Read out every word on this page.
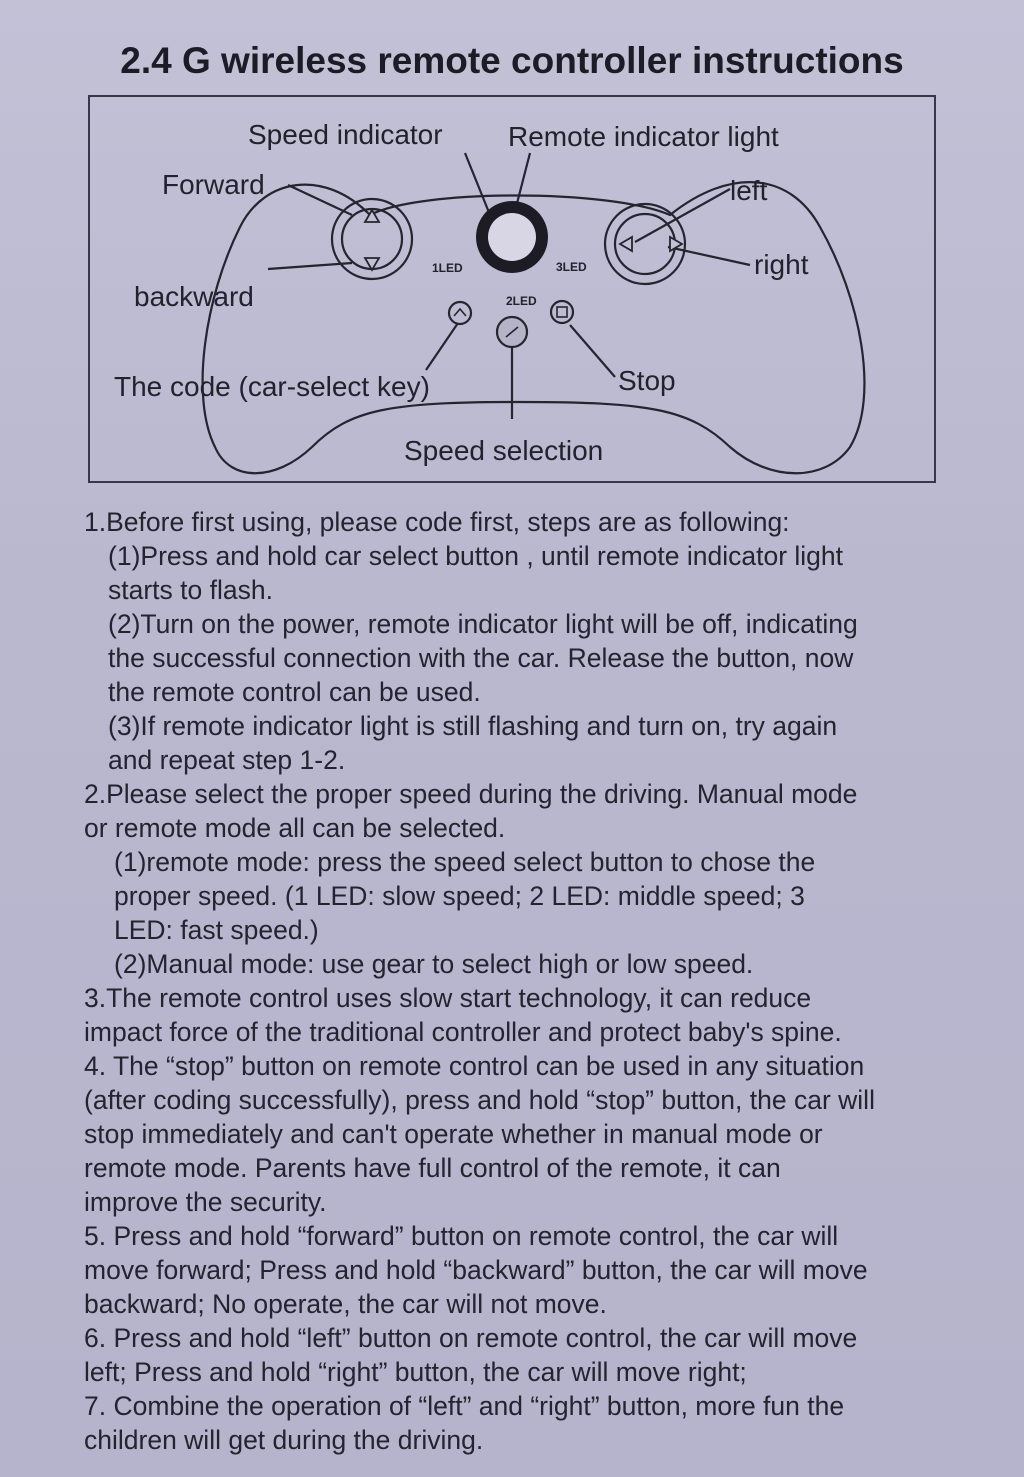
2.4 G wireless remote controller instructions
Speed indicator Remote indicator light
Forward	left
right
backward
The code (car-select key)	Stop
Speed selection
1LED
2LED
3LED
1.Before first using, please code first, steps are as following:
(1)Press and hold car select button , until remote indicator light
starts to flash.
(2)Turn on the power, remote indicator light will be off, indicating
the successful connection with the car. Release the button, now
the remote control can be used.
(3)If remote indicator light is still flashing and turn on, try again
and repeat step 1-2.
2.Please select the proper speed during the driving. Manual mode
or remote mode all can be selected.
(1)remote mode: press the speed select button to chose the
proper speed. (1 LED: slow speed; 2 LED: middle speed; 3
LED: fast speed.)
(2)Manual mode: use gear to select high or low speed.
3.The remote control uses slow start technology, it can reduce
impact force of the traditional controller and protect baby's spine.
4. The “stop” button on remote control can be used in any situation
(after coding successfully), press and hold “stop” button, the car will
stop immediately and can't operate whether in manual mode or
remote mode. Parents have full control of the remote, it can
improve the security.
5. Press and hold “forward” button on remote control, the car will
move forward; Press and hold “backward” button, the car will move
backward; No operate, the car will not move.
6. Press and hold “left” button on remote control, the car will move
left; Press and hold “right” button, the car will move right;
7. Combine the operation of “left” and “right” button, more fun the
children will get during the driving.
